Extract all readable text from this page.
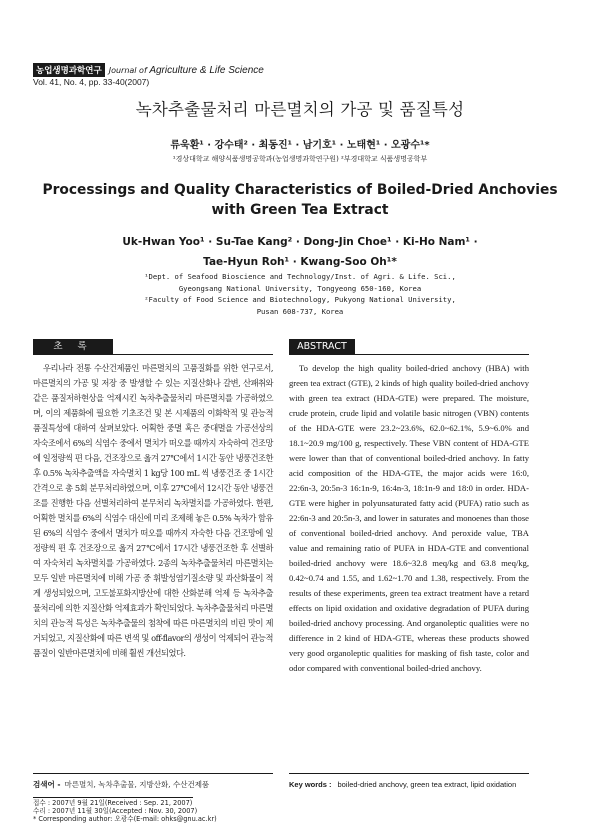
농업생명과학연구 Journal of Agriculture & Life Science
Vol. 41, No. 4, pp. 33-40(2007)
녹차추출물처리 마른멸치의 가공 및 품질특성
류욱환¹ · 강수태² · 최동진¹ · 남기호¹ · 노태현¹ · 오광수¹*
¹경상대학교 해양식품생명공학과(농업생명과학연구원) ²부경대학교 식품생명공학부
Processings and Quality Characteristics of Boiled-Dried Anchovies
with Green Tea Extract
Uk-Hwan Yoo¹ · Su-Tae Kang² · Dong-Jin Choe¹ · Ki-Ho Nam¹ ·
Tae-Hyun Roh¹ · Kwang-Soo Oh¹*
¹Dept. of Seafood Bioscience and Technology/Inst. of Agri. & Life. Sci.,
Gyeongsang National University, Tongyeong 650-160, Korea
²Faculty of Food Science and Biotechnology, Pukyong National University,
Pusan 608-737, Korea
초 록	ABSTRACT

우리나라 전통 수산건제품인 마른멸치의 고품질화를 위한 연구로서, 마른멸치의 가공 및 저장 중 발생할 수 있는 지질산화나 갈변, 산패취와 같은 품질저하현상을 억제시킨 녹차추출물처리 마른멸치를 가공하였으며, 이의 제품화에 필요한 기초조건 및 본 시제품의 이화학적 및 관능적 품질특성에 대하여 살펴보았다. 어획한 중멸 혹은 중대멸을 가공선상의 자숙조에서 6%의 식염수 중에서 멸치가 떠오를 때까지 자숙하여 건조망에 일정량씩 편 다음, 건조장으로 옮겨 27℃에서 1시간 동안 냉풍건조한 후 0.5% 녹차추출액을 자숙멸치 1 kg당 100 mL 씩 냉풍건조 중 1시간 간격으로 총 5회 분무처리하였으며, 이후 27℃에서 12시간 동안 냉풍건조를 진행한 다음 선별처리하여 분무처리 녹차멸치를 가공하였다. 한편, 어획한 멸치를 6%의 식염수 대신에 미리 조제해 놓은 0.5% 녹차가 함유된 6%의 식염수 중에서 멸치가 떠오를 때까지 자숙한 다음 건조망에 일정량씩 편 후 건조장으로 옮겨 27℃에서 17시간 냉풍건조한 후 선별하여 자숙처리 녹차멸치를 가공하였다. 2종의 녹차추출물처리 마른멸치는 모두 일반 마른멸치에 비해 가공 중 휘발성염기질소량 및 과산화물이 적게 생성되었으며, 고도불포화지방산에 대한 산화분해 억제 등 녹차추출물처리에 의한 지질산화 억제효과가 확인되었다. 녹차추출물처리 마른멸치의 관능적 특성은 녹차추출물의 첨착에 따른 마른멸치의 비린 맛이 제거되었고, 지질산화에 따른 변색 및 off-flavor의 생성이 억제되어 관능적 품질이 일반마른멸치에 비해 훨씬 개선되었다.

To develop the high quality boiled-dried anchovy (HBA) with green tea extract (GTE), 2 kinds of high quality boiled-dried anchovy with green tea extract (HDA-GTE) were prepared. The moisture, crude protein, crude lipid and volatile basic nitrogen (VBN) contents of the HDA-GTE were 23.2~23.6%, 62.0~62.1%, 5.9~6.0% and 18.1~20.9 mg/100 g, respectively. These VBN content of HDA-GTE were lower than that of conventional boiled-dried anchovy. In fatty acid composition of the HDA-GTE, the major acids were 16:0, 22:6n-3, 20:5n-3 16:1n-9, 16:4n-3, 18:1n-9 and 18:0 in order. HDA-GTE were higher in polyunsaturated fatty acid (PUFA) ratio such as 22:6n-3 and 20:5n-3, and lower in saturates and monoenes than those of conventional boiled-dried anchovy. And peroxide value, TBA value and remaining ratio of PUFA in HDA-GTE and conventional boiled-dried anchovy were 18.6~32.8 meq/kg and 63.8 meq/kg, 0.42~0.74 and 1.55, and 1.62~1.70 and 1.38, respectively. From the results of these experiments, green tea extract treatment have a retard effects on lipid oxidation and oxidative degradation of PUFA during boiled-dried anchovy processing. And organoleptic qualities were no difference in 2 kind of HDA-GTE, whereas these products showed very good organoleptic qualities for masking of fish taste, color and odor compared with conventional boiled-dried anchovy.

검색어 - 마른멸치, 녹차추출물, 지방산화, 수산건제품	Key words : boiled-dried anchovy, green tea extract, lipid oxidation
접수 : 2007년 9월 21일(Received : Sep. 21, 2007)
수리 : 2007년 11월 30일(Accepted : Nov. 30, 2007)
* Corresponding author: 오광수(E-mail: ohks@gnu.ac.kr)
